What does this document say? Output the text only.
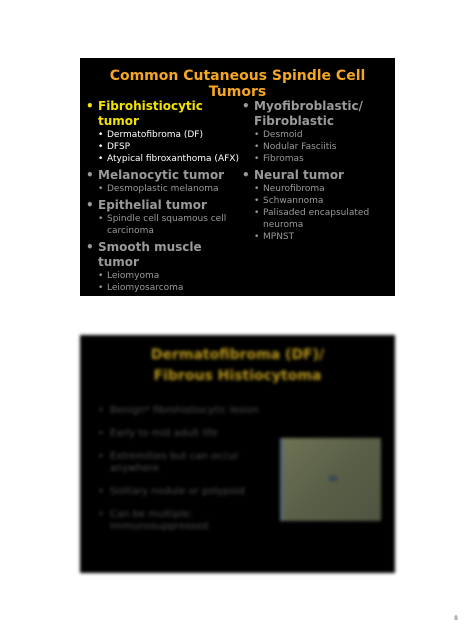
Common Cutaneous Spindle Cell Tumors
• Fibrohistiocytic tumor
• Dermatofibroma (DF)
• DFSP
• Atypical fibroxanthoma (AFX)
• Melanocytic tumor
• Desmoplastic melanoma
• Epithelial tumor
• Spindle cell squamous cell carcinoma
• Smooth muscle tumor
• Leiomyoma
• Leiomyosarcoma
• Myofibroblastic/ Fibroblastic
• Desmoid
• Nodular Fasciitis
• Fibromas
• Neural tumor
• Neurofibroma
• Schwannoma
• Palisaded encapsulated neuroma
• MPNST
Dermatofibroma (DF)/
Fibrous Histiocytoma
• Benign* fibrohistiocytic lesion
• Early to mid adult life
• Extremities but can occur anywhere
• Solitary nodule or polypoid
• Can be multiple: immunosuppressed
8
